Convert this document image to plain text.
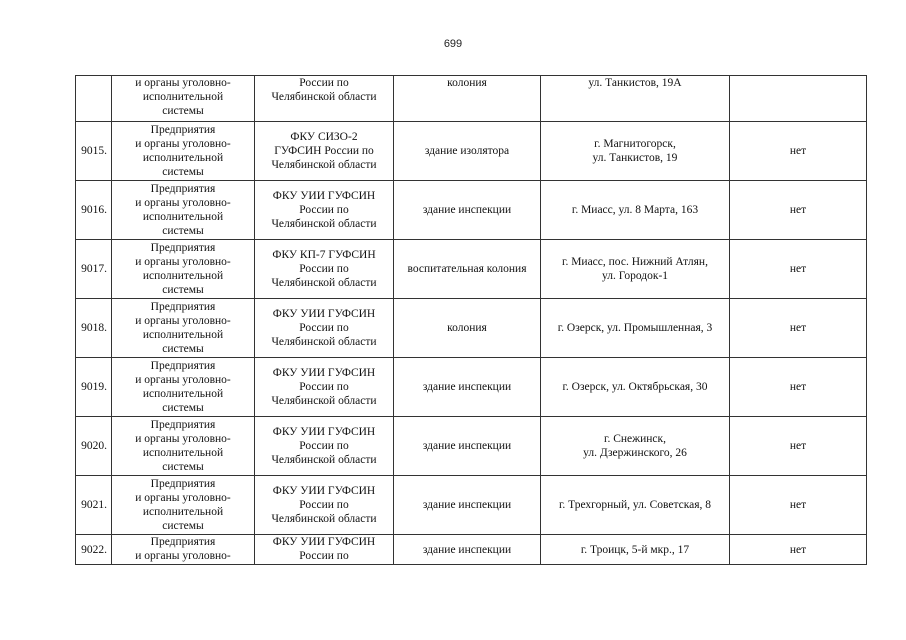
699
	и органы уголовно-
исполнительной
системы	России по
Челябинской области	колония	ул. Танкистов, 19А	
9015.	Предприятия
и органы уголовно-
исполнительной
системы	ФКУ СИЗО-2
ГУФСИН России по
Челябинской области	здание изолятора	г. Магнитогорск,
ул. Танкистов, 19	нет
9016.	Предприятия
и органы уголовно-
исполнительной
системы	ФКУ УИИ ГУФСИН
России по
Челябинской области	здание инспекции	г. Миасс, ул. 8 Марта, 163	нет
9017.	Предприятия
и органы уголовно-
исполнительной
системы	ФКУ КП-7 ГУФСИН
России по
Челябинской области	воспитательная колония	г. Миасс, пос. Нижний Атлян,
ул. Городок-1	нет
9018.	Предприятия
и органы уголовно-
исполнительной
системы	ФКУ УИИ ГУФСИН
России по
Челябинской области	колония	г. Озерск, ул. Промышленная, 3	нет
9019.	Предприятия
и органы уголовно-
исполнительной
системы	ФКУ УИИ ГУФСИН
России по
Челябинской области	здание инспекции	г. Озерск, ул. Октябрьская, 30	нет
9020.	Предприятия
и органы уголовно-
исполнительной
системы	ФКУ УИИ ГУФСИН
России по
Челябинской области	здание инспекции	г. Снежинск,
ул. Дзержинского, 26	нет
9021.	Предприятия
и органы уголовно-
исполнительной
системы	ФКУ УИИ ГУФСИН
России по
Челябинской области	здание инспекции	г. Трехгорный, ул. Советская, 8	нет
9022.	Предприятия
и органы уголовно-	ФКУ УИИ ГУФСИН
России по	здание инспекции	г. Троицк, 5-й мкр., 17	нет
